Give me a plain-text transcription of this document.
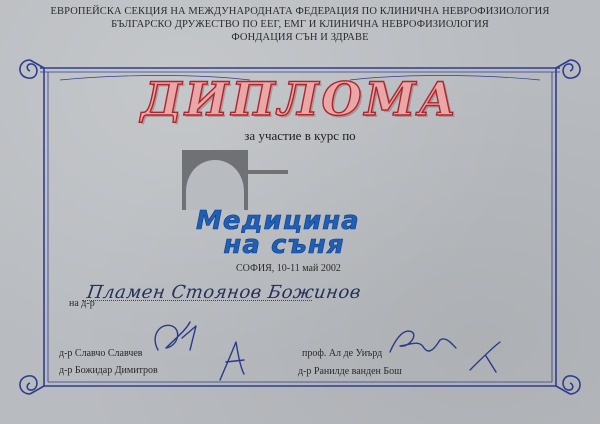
ЕВРОПЕЙСКА СЕКЦИЯ НА МЕЖДУНАРОДНАТА ФЕДЕРАЦИЯ ПО КЛИНИЧНА НЕВРОФИЗИОЛОГИЯ
БЪЛГАРСКО ДРУЖЕСТВО ПО ЕЕГ, ЕМГ И КЛИНИЧНА НЕВРОФИЗИОЛОГИЯ
ФОНДАЦИЯ СЪН И ЗДРАВЕ
ДИПЛОМА
за участие в курс по
Медицина
на съня
СОФИЯ, 10-11 май 2002
на д-р
Пламен Стоянов Божинов
д-р Славчо Славчев
д-р Божидар Димитров
проф. Ал де Уиърд
д-р Ранилде ванден Бош
